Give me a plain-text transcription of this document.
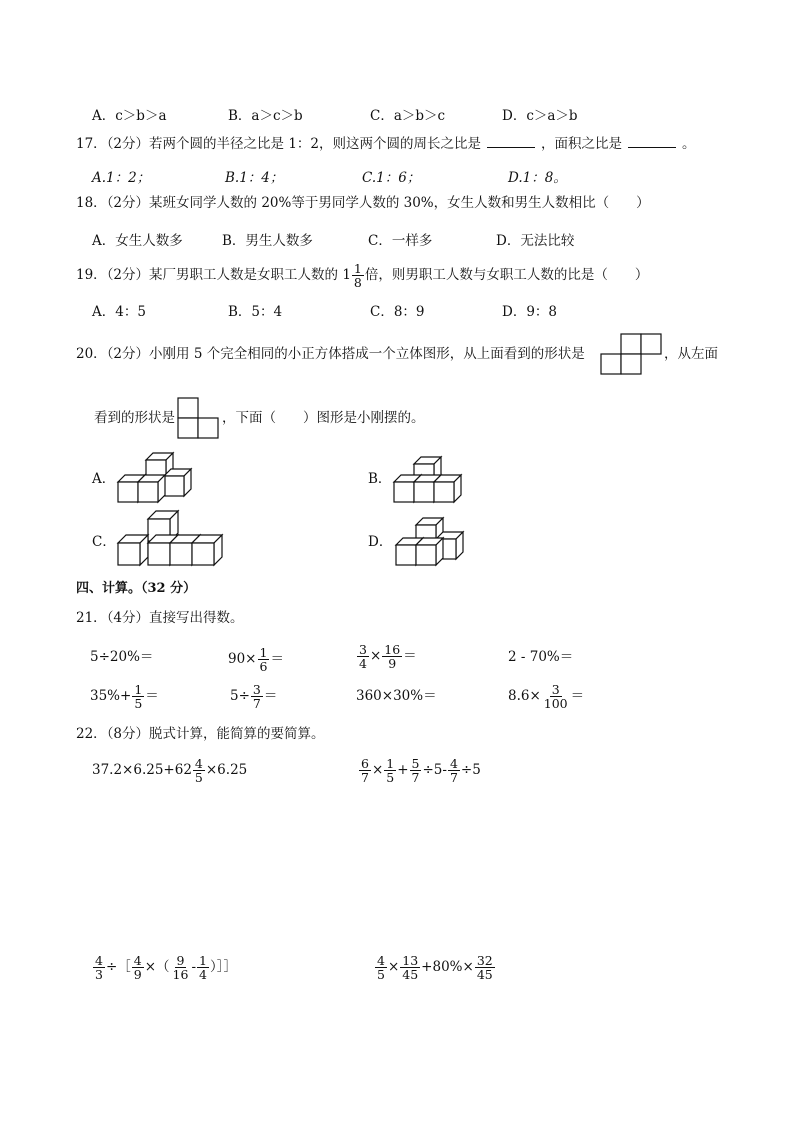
A．c＞b＞a	B．a＞c＞b	C．a＞b＞c	D．c＞a＞b
17．（2分）若两个圆的半径之比是 1：2，则这两个圆的周长之比是	，面积之比是	。
A.1：2；	B.1：4；	C.1：6；	D.1：8。
18．（2分）某班女同学人数的 20%等于男同学人数的 30%，女生人数和男生人数相比（　　）
A．女生人数多	B．男生人数多	C．一样多	D．无法比较
19．（2分）某厂男职工人数是女职工人数的 $1 \frac{1}{8}$ 倍，则男职工人数与女职工人数的比是（　　）
A．4：5	B．5：4	C．8：9	D．9：8
20．（2分）小刚用 5 个完全相同的小正方体搭成一个立体图形，从上面看到的形状是	，从左面
看到的形状是	，下面（　　）图形是小刚摆的。
A．	B．
C．	D．
四、计算。（32 分）
21．（4分）直接写出得数。
5÷20%＝	$90\times \frac{1}{6}$ ＝	$\frac{3}{4} \times \frac{16}{9}$ ＝	2 - 70%＝
$35\%+ \frac{1}{5}$ ＝	$5\div \frac{3}{7}$ ＝	360×30%＝	$8.6\times \frac{3}{100}$ ＝
22．（8分）脱式计算，能简算的要简算。
$37.2\times 6.25+62 \frac{4}{5} \times 6.25$	$\frac{6}{7} \times \frac{1}{5} + \frac{5}{7} \div 5- \frac{4}{7} \div 5$
$\frac{4}{3}$ ÷［ $\frac{4}{9}$ ×（ $\frac{9}{16} - \frac{1}{4}$ ）］］	$\frac{4}{5} \times \frac{13}{45} +80\%\times \frac{32}{45}$
